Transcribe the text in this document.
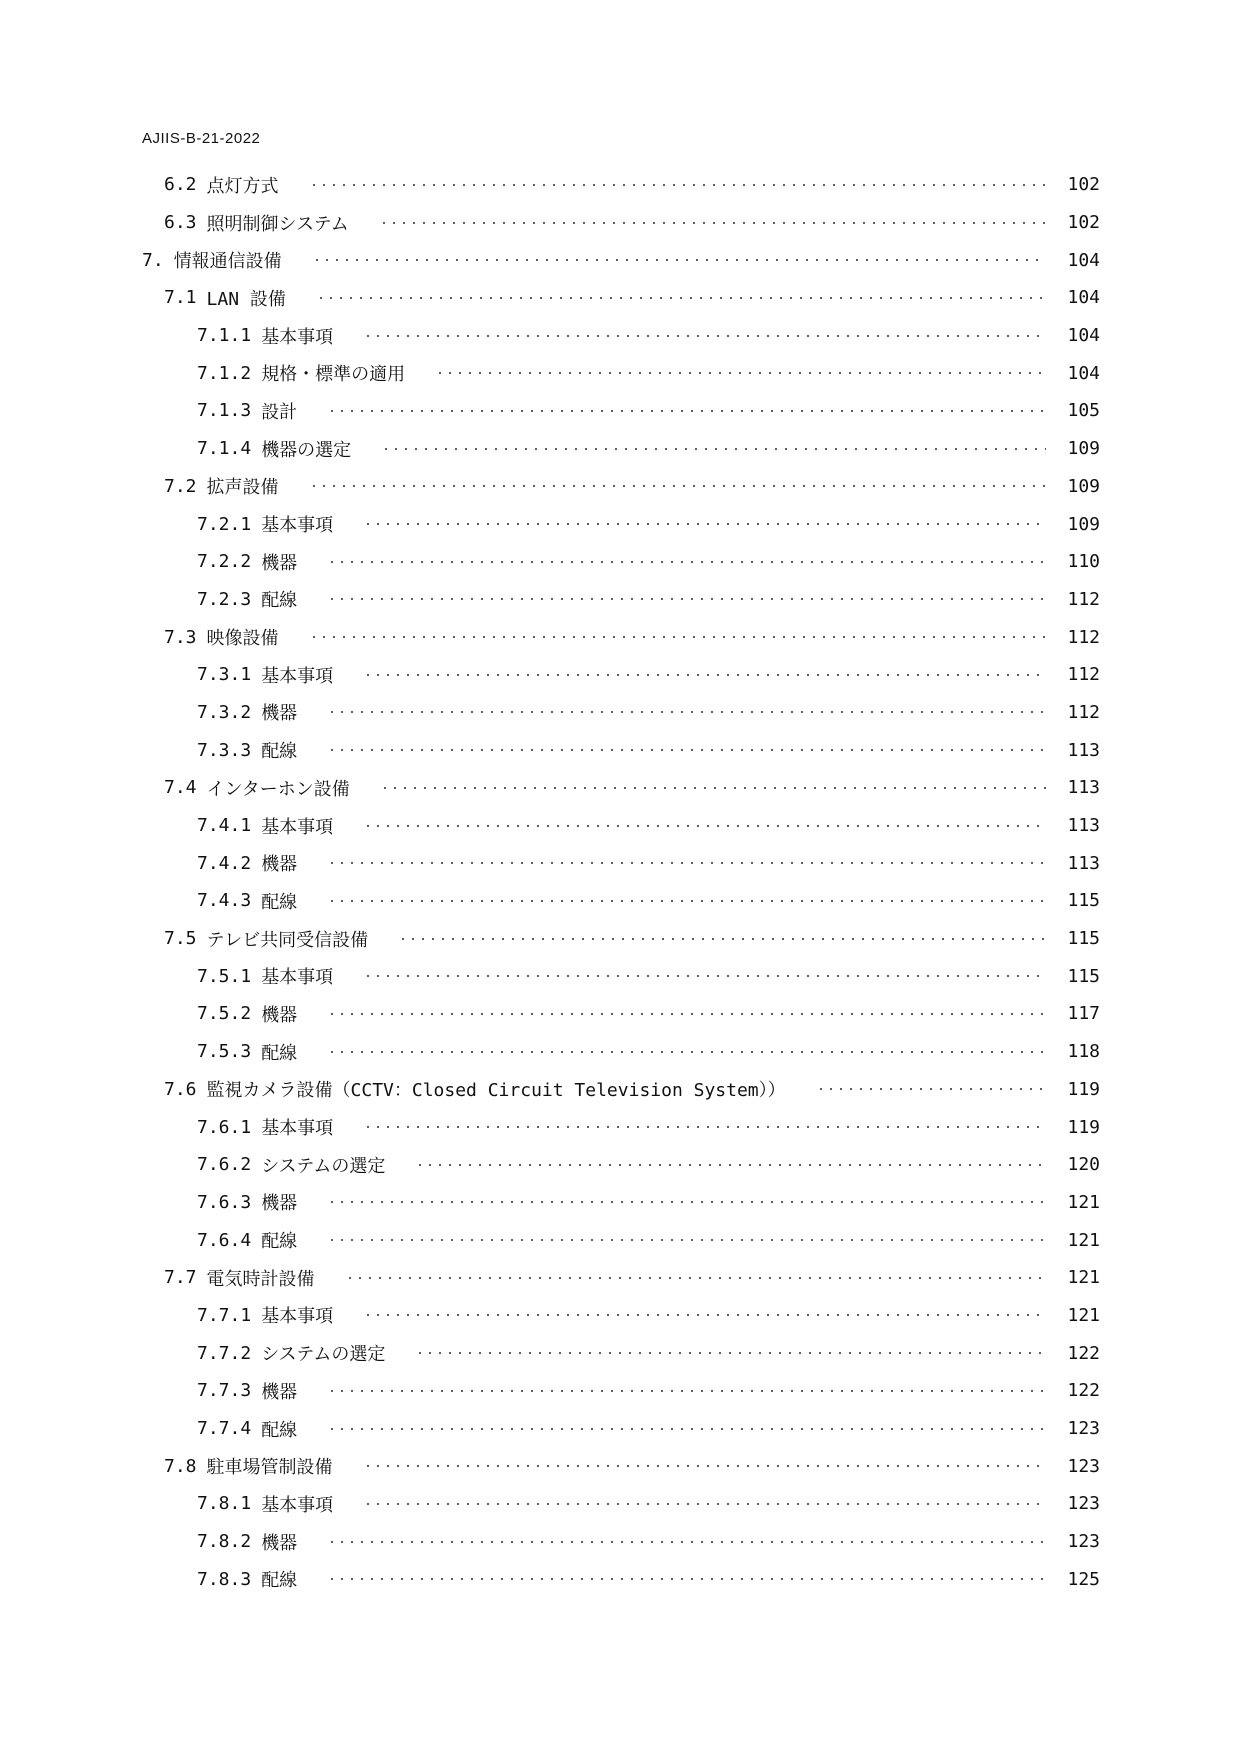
AJIIS-B-21-2022
6.2 点灯方式	102
6.3 照明制御システム	102
7. 情報通信設備	104
7.1 LAN 設備	104
7.1.1 基本事項	104
7.1.2 規格・標準の適用	104
7.1.3 設計	105
7.1.4 機器の選定	109
7.2 拡声設備	109
7.2.1 基本事項	109
7.2.2 機器	110
7.2.3 配線	112
7.3 映像設備	112
7.3.1 基本事項	112
7.3.2 機器	112
7.3.3 配線	113
7.4 インターホン設備	113
7.4.1 基本事項	113
7.4.2 機器	113
7.4.3 配線	115
7.5 テレビ共同受信設備	115
7.5.1 基本事項	115
7.5.2 機器	117
7.5.3 配線	118
7.6 監視カメラ設備（CCTV：Closed Circuit Television System））	119
7.6.1 基本事項	119
7.6.2 システムの選定	120
7.6.3 機器	121
7.6.4 配線	121
7.7 電気時計設備	121
7.7.1 基本事項	121
7.7.2 システムの選定	122
7.7.3 機器	122
7.7.4 配線	123
7.8 駐車場管制設備	123
7.8.1 基本事項	123
7.8.2 機器	123
7.8.3 配線	125
